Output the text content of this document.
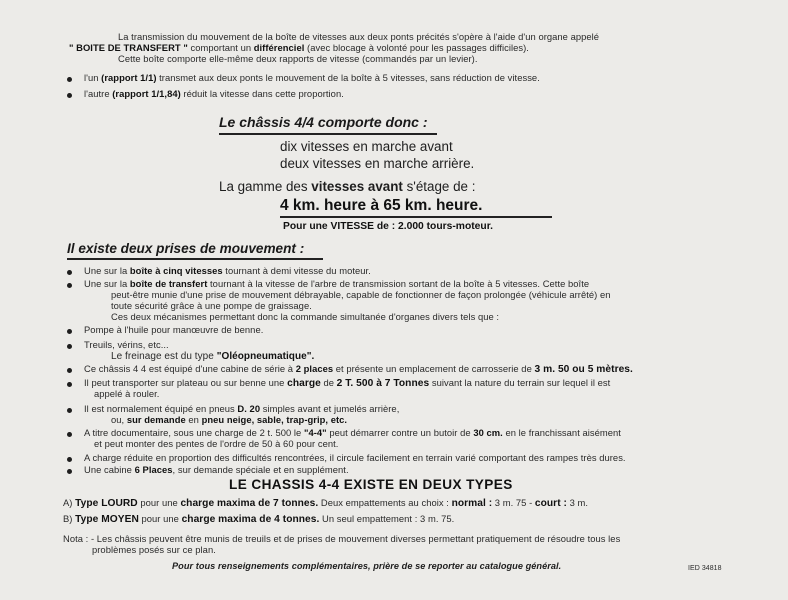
La transmission du mouvement de la boîte de vitesses aux deux ponts précités s'opère à l'aide d'un organe appelé
" BOITE DE TRANSFERT " comportant un différenciel (avec blocage à volonté pour les passages difficiles).
Cette boîte comporte elle-même deux rapports de vitesse (commandés par un levier).
l'un (rapport 1/1) transmet aux deux ponts le mouvement de la boîte à 5 vitesses, sans réduction de vitesse.
l'autre (rapport 1/1,84) réduit la vitesse dans cette proportion.
Le châssis 4/4 comporte donc :
dix vitesses en marche avant
deux vitesses en marche arrière.
La gamme des vitesses avant s'étage de :
4 km. heure à 65 km. heure.
Pour une VITESSE de : 2.000 tours-moteur.
Il existe deux prises de mouvement :
Une sur la boîte à cinq vitesses tournant à demi vitesse du moteur.
Une sur la boîte de transfert tournant à la vitesse de l'arbre de transmission sortant de la boîte à 5 vitesses. Cette boîte
peut-être munie d'une prise de mouvement débrayable, capable de fonctionner de façon prolongée (véhicule arrêté) en
toute sécurité grâce à une pompe de graissage.
Ces deux mécanismes permettant donc la commande simultanée d'organes divers tels que :
Pompe à l'huile pour manœuvre de benne.
Treuils, vérins, etc...
Le freinage est du type "Oléopneumatique".
Ce châssis 4 4 est équipé d'une cabine de série à 2 places et présente un emplacement de carrosserie de 3 m. 50 ou 5 mètres.
Il peut transporter sur plateau ou sur benne une charge de 2 T. 500 à 7 Tonnes suivant la nature du terrain sur lequel il est
appelé à rouler.
Il est normalement équipé en pneus D. 20 simples avant et jumelés arrière,
ou, sur demande en pneu neige, sable, trap-grip, etc.
A titre documentaire, sous une charge de 2 t. 500 le "4-4" peut démarrer contre un butoir de 30 cm. en le franchissant aisément
et peut monter des pentes de l'ordre de 50 à 60 pour cent.
A charge réduite en proportion des difficultés rencontrées, il circule facilement en terrain varié comportant des rampes très dures.
Une cabine 6 Places, sur demande spéciale et en supplément.
LE CHASSIS 4-4 EXISTE EN DEUX TYPES
A) Type LOURD pour une charge maxima de 7 tonnes. Deux empattements au choix : normal : 3 m. 75 - court : 3 m.
B) Type MOYEN pour une charge maxima de 4 tonnes. Un seul empattement : 3 m. 75.
Nota : - Les châssis peuvent être munis de treuils et de prises de mouvement diverses permettant pratiquement de résoudre tous les
problèmes posés sur ce plan.
Pour tous renseignements complémentaires, prière de se reporter au catalogue général.	IED 34818
